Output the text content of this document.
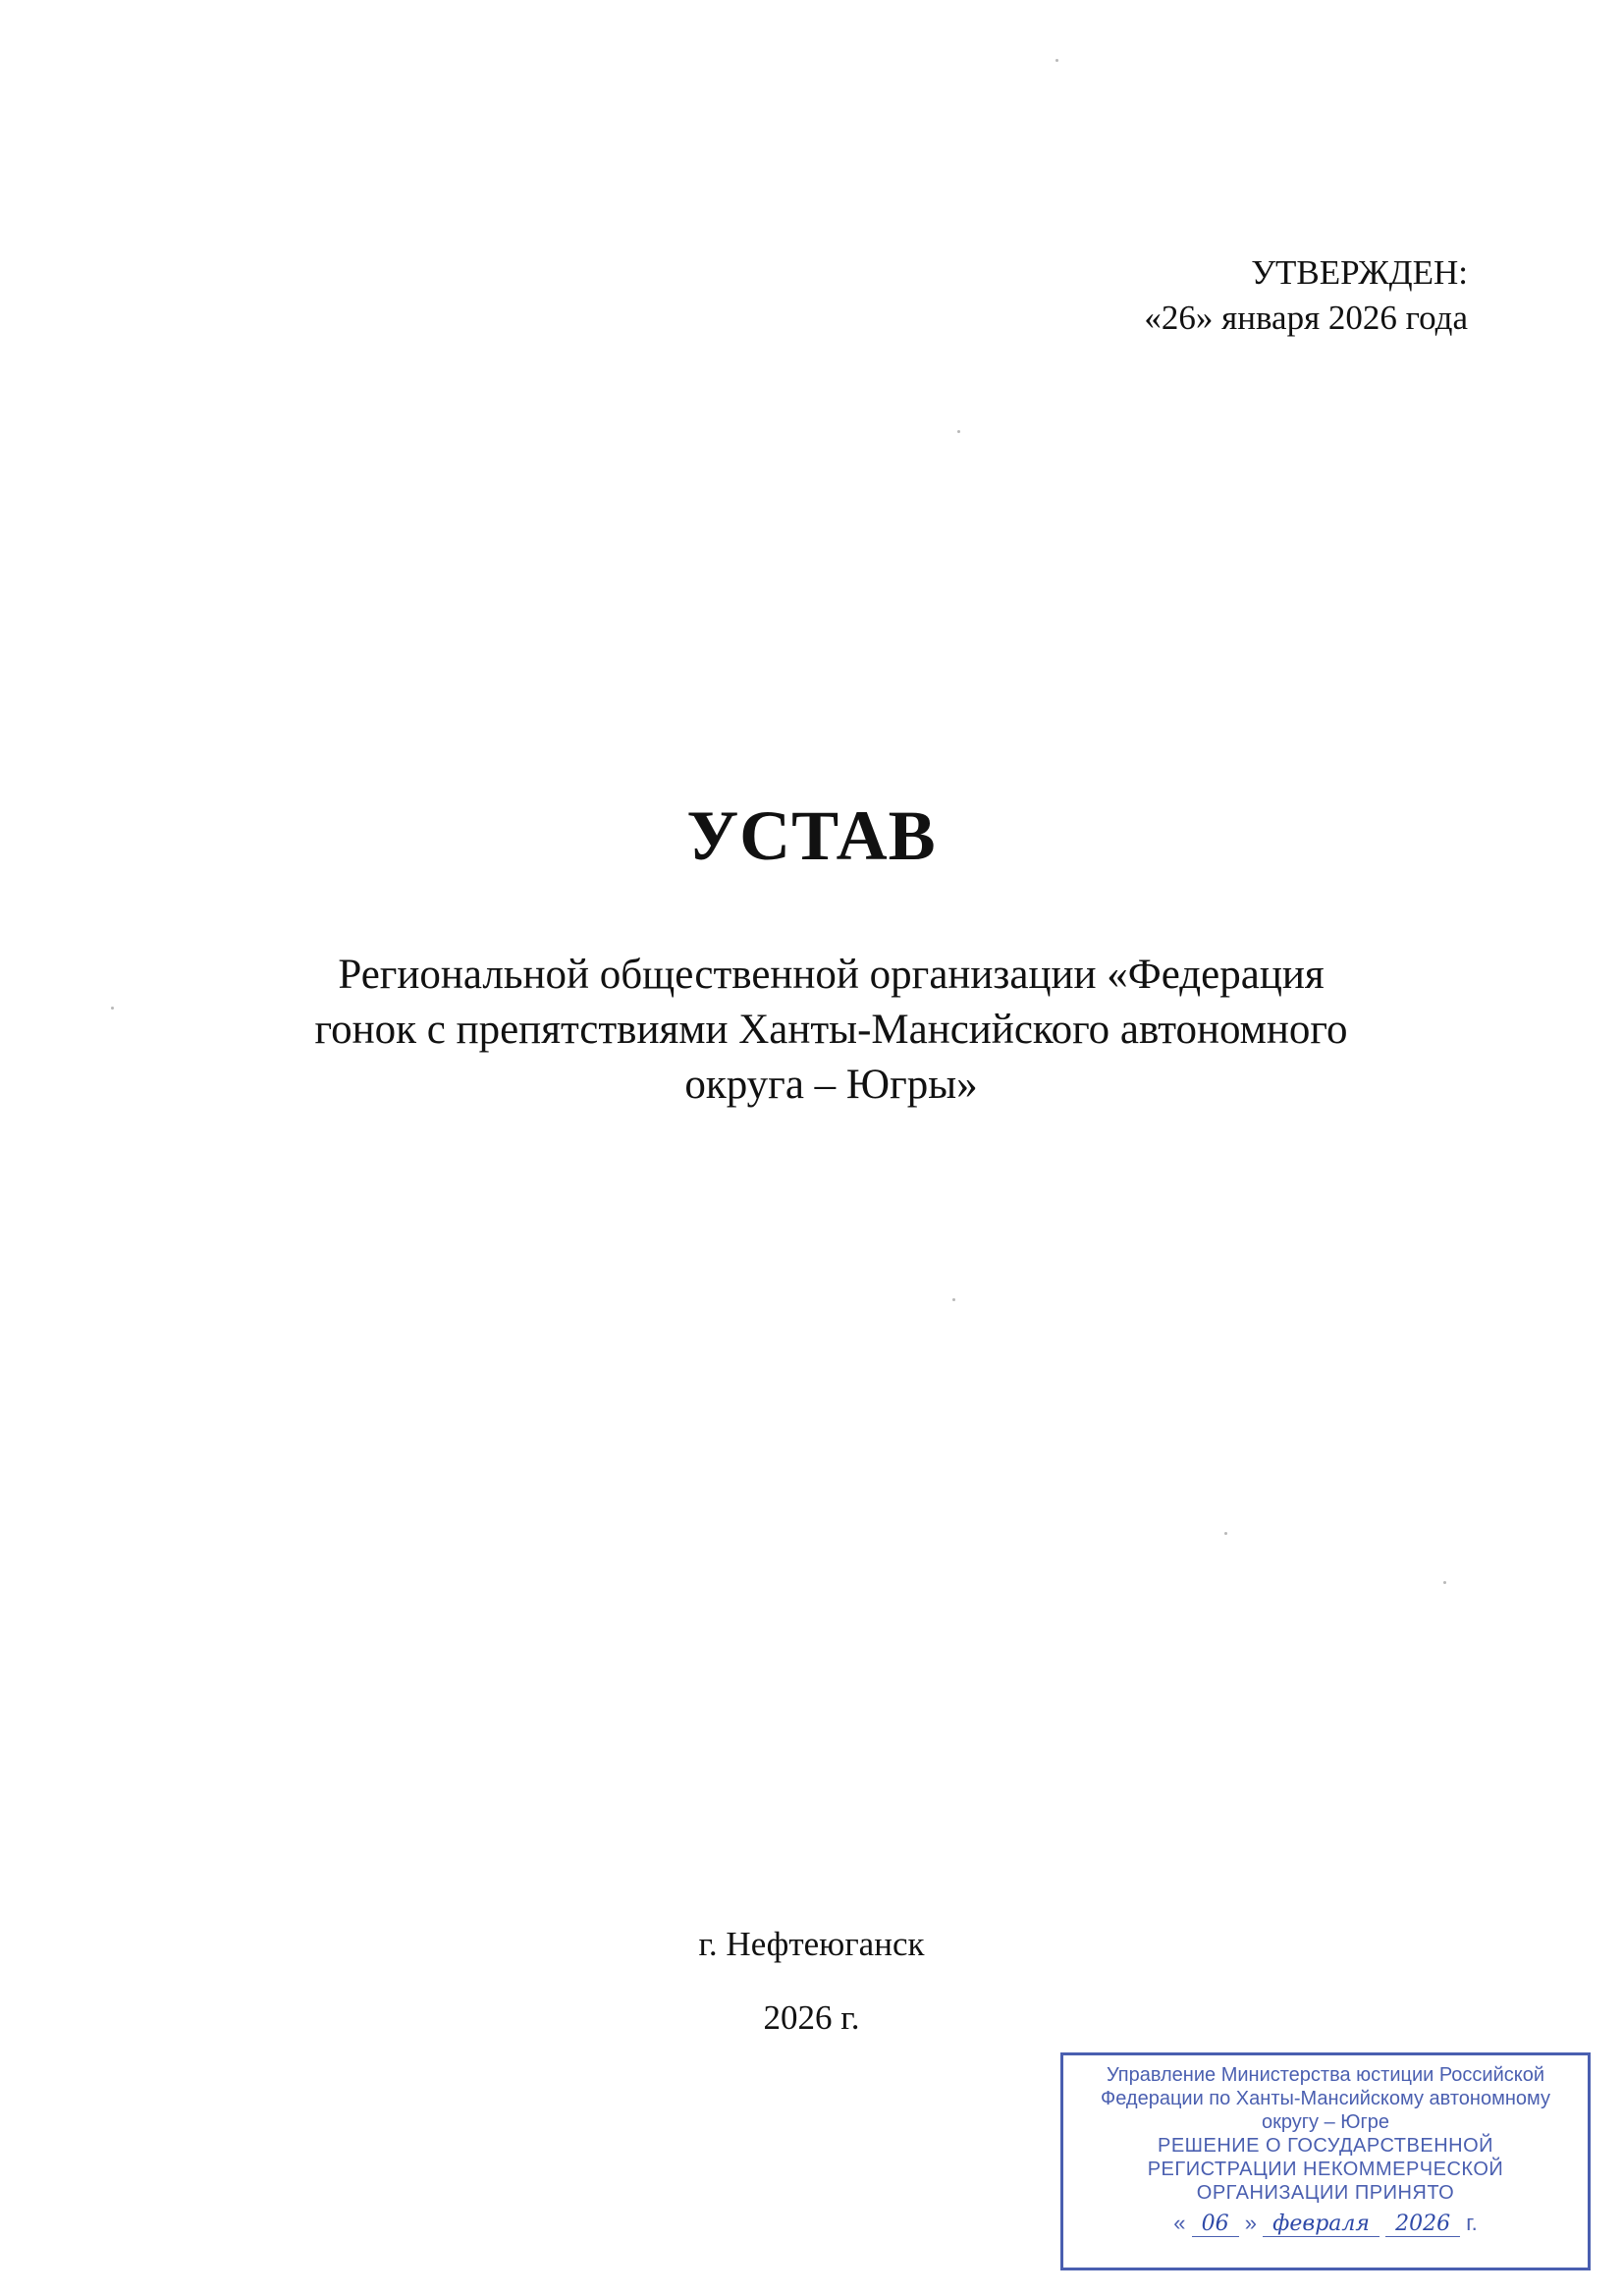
УТВЕРЖДЕН:
«26» января 2026 года
УСТАВ
Региональной общественной организации «Федерация
гонок с препятствиями Ханты-Мансийского автономного
округа – Югры»
г. Нефтеюганск
2026 г.
Управление Министерства юстиции Российской
Федерации по Ханты-Мансийскому автономному
округу – Югре
РЕШЕНИЕ О ГОСУДАРСТВЕННОЙ
РЕГИСТРАЦИИ НЕКОММЕРЧЕСКОЙ
ОРГАНИЗАЦИИ ПРИНЯТО
« 06 » февраля 2026 г.
